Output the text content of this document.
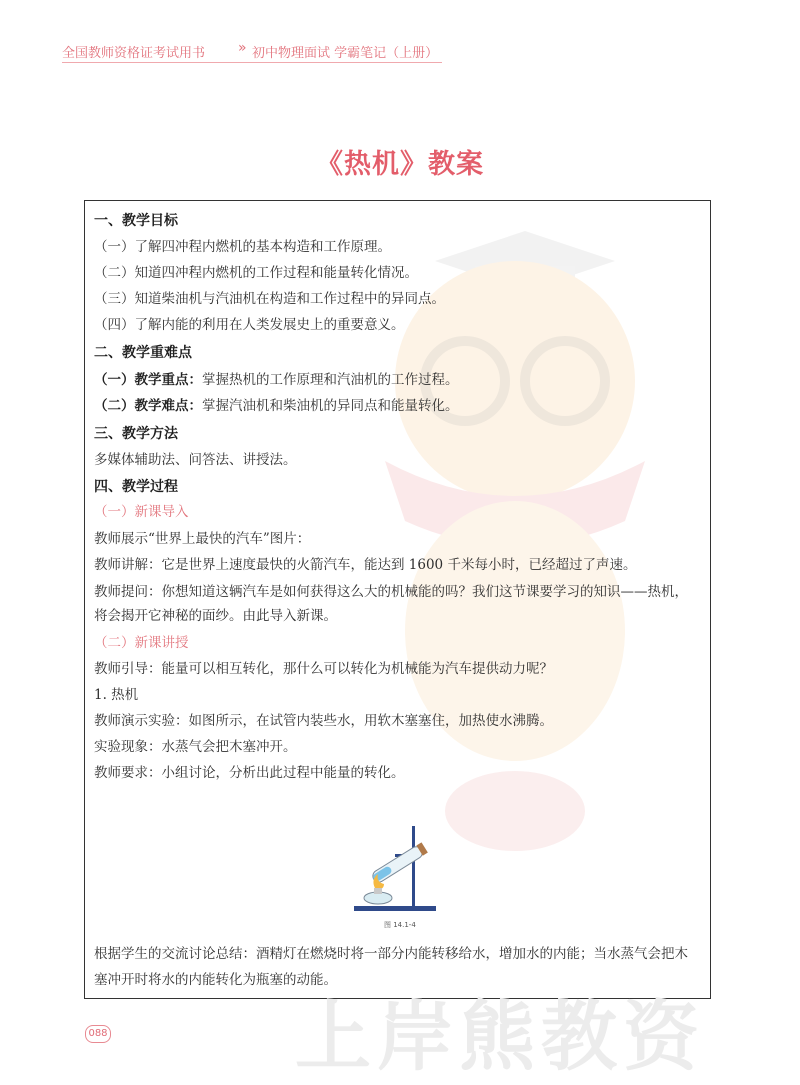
全国教师资格证考试用书 » 初中物理面试 学霸笔记（上册）
《热机》教案
上岸熊教资
一、教学目标
（一）了解四冲程内燃机的基本构造和工作原理。
（二）知道四冲程内燃机的工作过程和能量转化情况。
（三）知道柴油机与汽油机在构造和工作过程中的异同点。
（四）了解内能的利用在人类发展史上的重要意义。
二、教学重难点
（一）教学重点：掌握热机的工作原理和汽油机的工作过程。
（二）教学难点：掌握汽油机和柴油机的异同点和能量转化。
三、教学方法
多媒体辅助法、问答法、讲授法。
四、教学过程
（一）新课导入
教师展示“世界上最快的汽车”图片：
教师讲解：它是世界上速度最快的火箭汽车，能达到 1600 千米每小时，已经超过了声速。
教师提问：你想知道这辆汽车是如何获得这么大的机械能的吗？我们这节课要学习的知识——热机，
将会揭开它神秘的面纱。由此导入新课。
（二）新课讲授
教师引导：能量可以相互转化，那什么可以转化为机械能为汽车提供动力呢？
1. 热机
教师演示实验：如图所示，在试管内装些水，用软木塞塞住，加热使水沸腾。
实验现象：水蒸气会把木塞冲开。
教师要求：小组讨论，分析出此过程中能量的转化。
图 14.1-4
根据学生的交流讨论总结：酒精灯在燃烧时将一部分内能转移给水，增加水的内能；当水蒸气会把木
塞冲开时将水的内能转化为瓶塞的动能。
088
